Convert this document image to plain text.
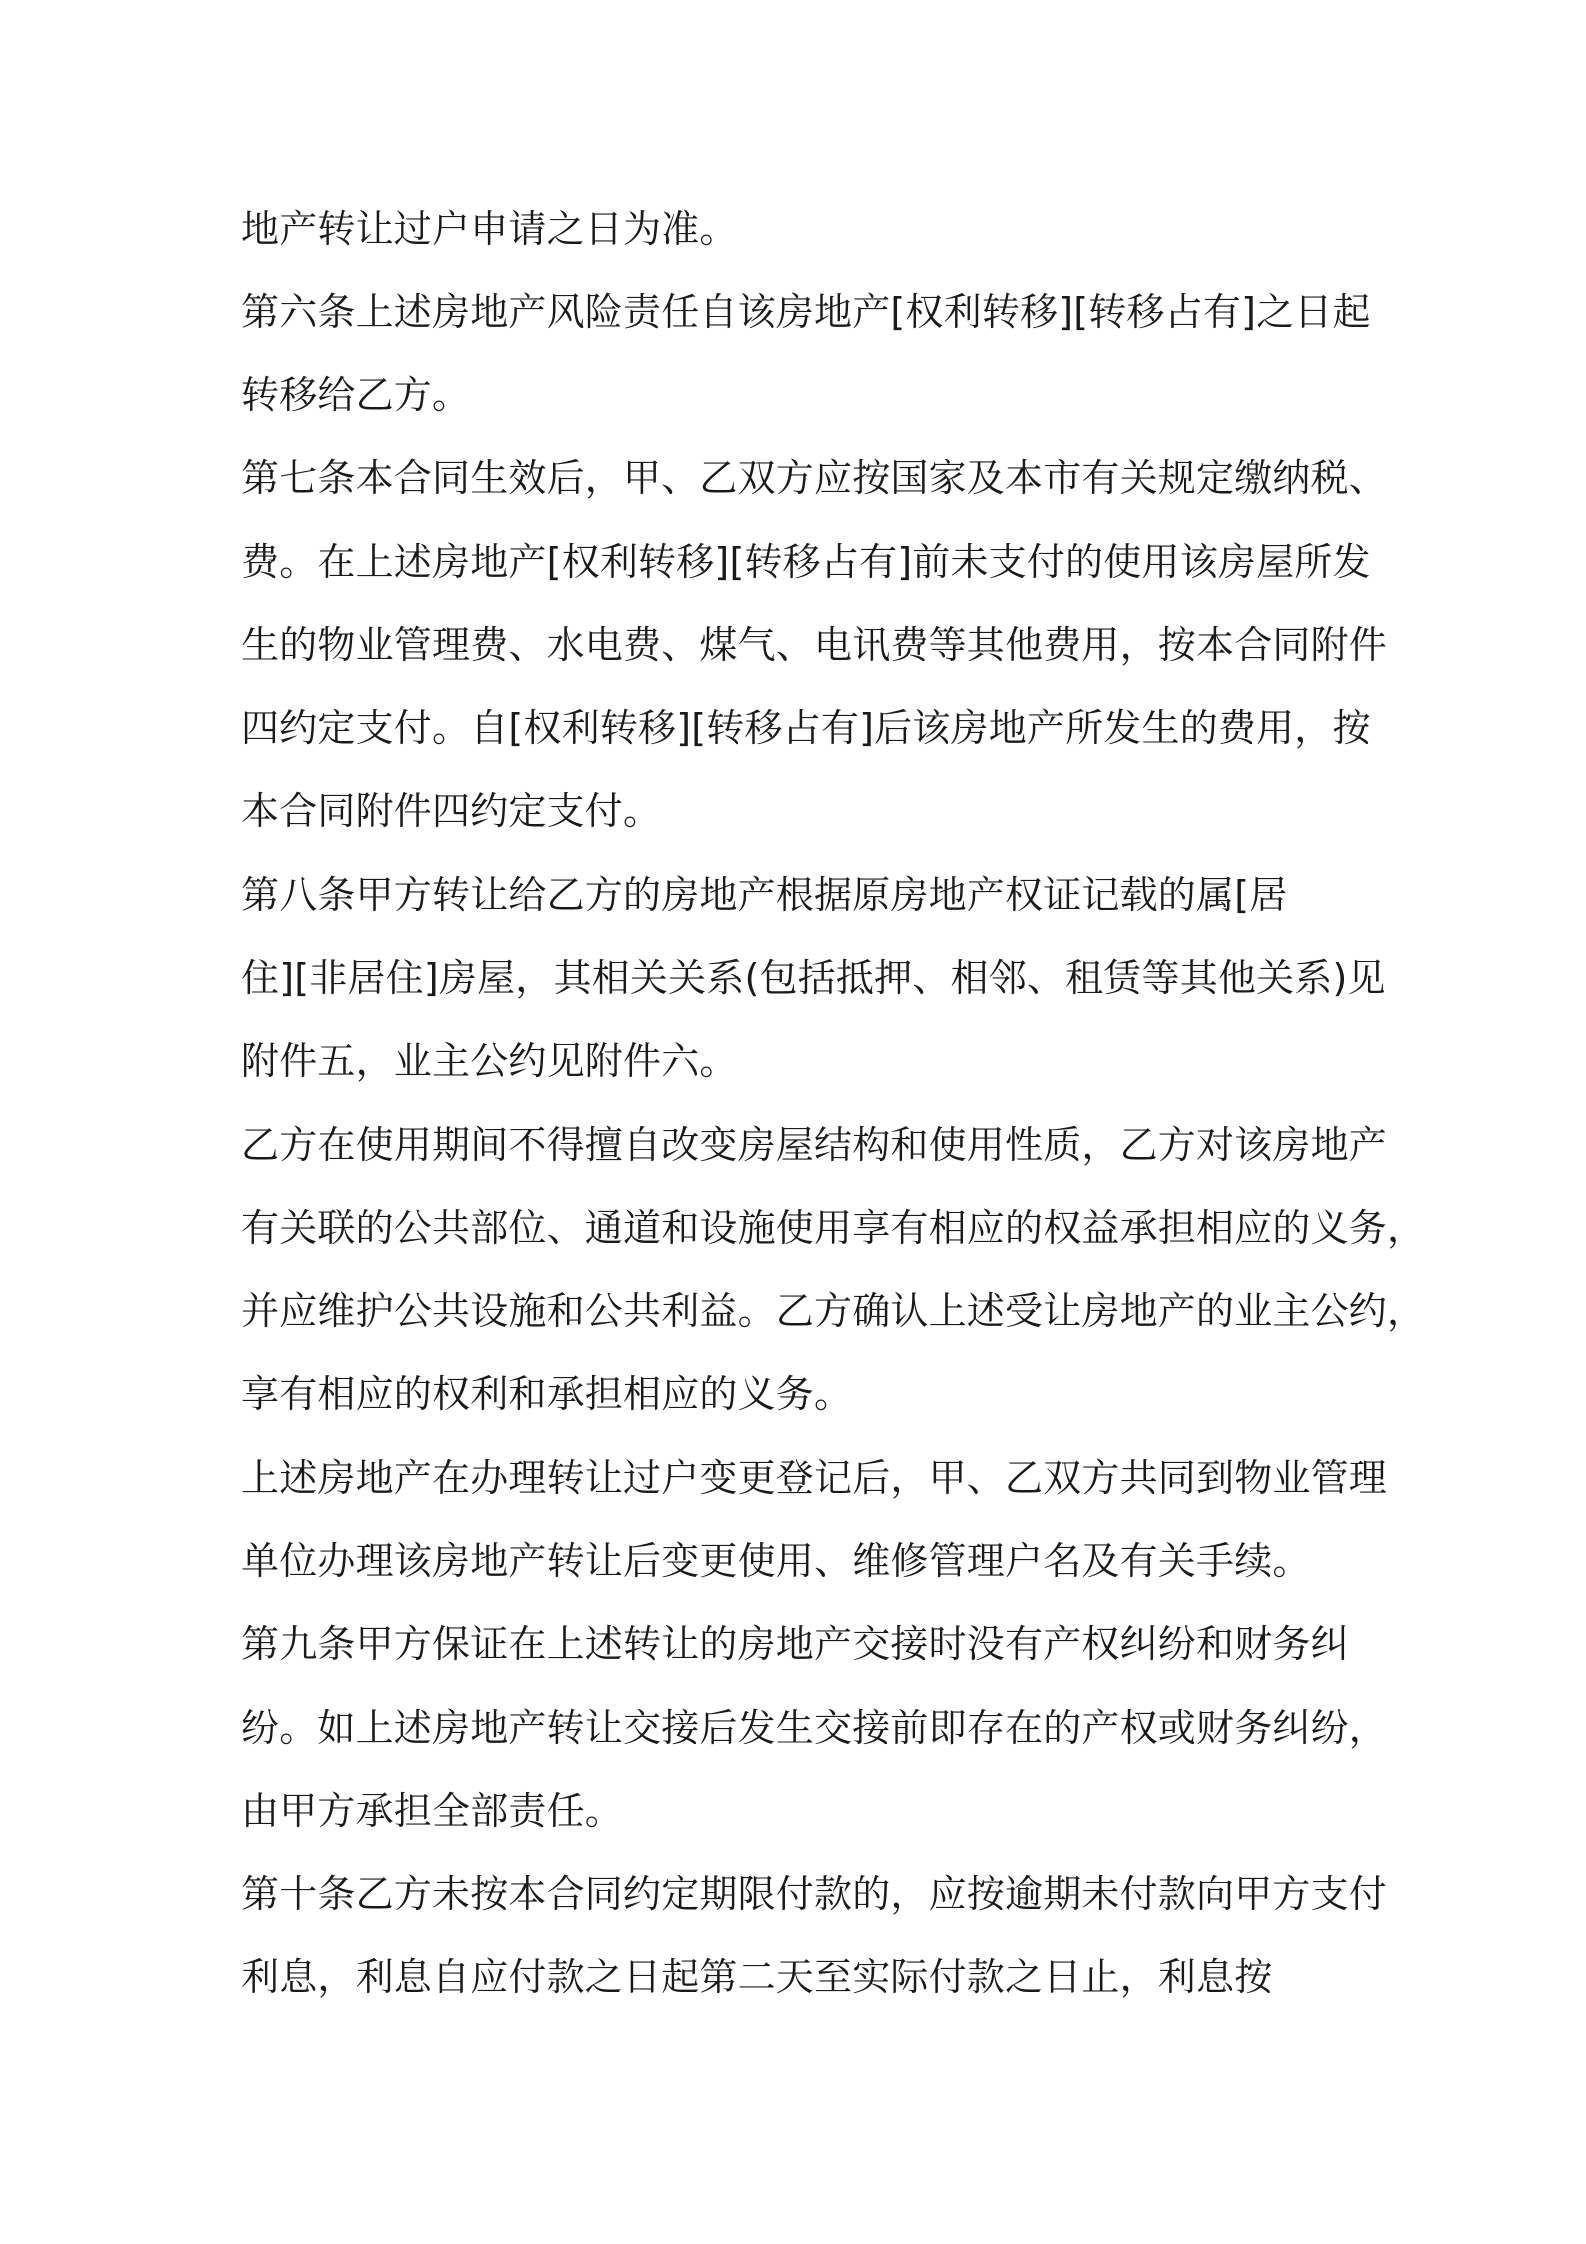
地产转让过户申请之日为准。

第六条上述房地产风险责任自该房地产[权利转移][转移占有]之日起

转移给乙方。

第七条本合同生效后，甲、乙双方应按国家及本市有关规定缴纳税、

费。在上述房地产[权利转移][转移占有]前未支付的使用该房屋所发

生的物业管理费、水电费、煤气、电讯费等其他费用，按本合同附件

四约定支付。自[权利转移][转移占有]后该房地产所发生的费用，按

本合同附件四约定支付。

第八条甲方转让给乙方的房地产根据原房地产权证记载的属[居

住][非居住]房屋，其相关关系(包括抵押、相邻、租赁等其他关系)见

附件五，业主公约见附件六。

乙方在使用期间不得擅自改变房屋结构和使用性质，乙方对该房地产

有关联的公共部位、通道和设施使用享有相应的权益承担相应的义务，

并应维护公共设施和公共利益。乙方确认上述受让房地产的业主公约，

享有相应的权利和承担相应的义务。

上述房地产在办理转让过户变更登记后，甲、乙双方共同到物业管理

单位办理该房地产转让后变更使用、维修管理户名及有关手续。

第九条甲方保证在上述转让的房地产交接时没有产权纠纷和财务纠

纷。如上述房地产转让交接后发生交接前即存在的产权或财务纠纷，

由甲方承担全部责任。

第十条乙方未按本合同约定期限付款的，应按逾期未付款向甲方支付

利息，利息自应付款之日起第二天至实际付款之日止，利息按
